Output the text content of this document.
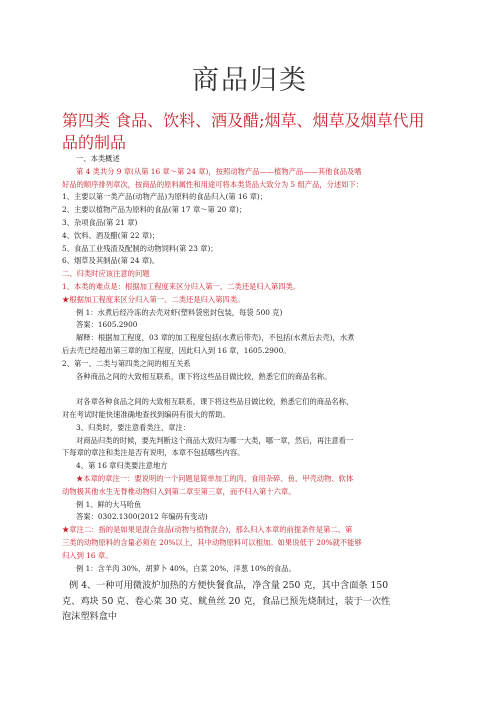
商品归类
第四类 食品、饮料、酒及醋;烟草、烟草及烟草代用品的制品
一、本类概述
第 4 类共分 9 章(从第 16 章～第 24 章)，按照动物产品——植物产品——其他食品及嗜
好品的顺序排列章次，按商品的原料属性和用途可将本类货品大致分为 5 组产品，分述如下：
1、主要以第一类产品(动物产品)为原料的食品归入(第 16 章)；
2、主要以植物产品为原料的食品(第 17 章～第 20 章)；
3、杂项食品(第 21 章)
4、饮料、酒及醋(第 22 章)；
5、食品工业残渣及配制的动物饲料(第 23 章)；
6、烟草及其制品(第 24 章)。
二、归类时应该注意的问题
1、本类的难点是：根据加工程度来区分归入第一、二类还是归入第四类。
★根据加工程度来区分归入第一、二类还是归入第四类。
例 1：水煮后经冷冻的去壳对虾(塑料袋密封包装，每袋 500 克)
答案：1605.2900
解释：根据加工程度，03 章的加工程度包括(水煮后带壳)，不包括(水煮后去壳)，水煮
后去壳已经超出第三章的加工程度，因此归入到 16 章，1605.2900。
2、第一、二类与第四类之间的相互关系
各种商品之间的大致相互联系，课下将这些品目做比较，熟悉它们的商品名称。

对各章各种食品之间的大致相互联系，课下将这些品目做比较，熟悉它们的商品名称，
对在考试时能快速准确地查找到编码有很大的帮助。
3、归类时，要注意看类注、章注：
对商品归类的时候，要先判断这个商品大致归为哪一大类，哪一章，然后，再注意看一
下每章的章注和类注是否有说明，本章不包括哪些内容。
4、第 16 章归类要注意地方
★本章的章注一：要说明的一个问题是简单加工的肉、食用杂碎、鱼、甲壳动物、软体
动物极其他水生无脊椎动物归入到第二章至第三章，而不归入第十六章。
例 1、鲜的大马哈鱼
答案：0302.1300(2012 年编码有变动)
★章注二：指的是如果是混合食品(动物与植物混合)，那么归入本章的前提条件是第二、第
三类的动物原料的含量必须在 20%以上，其中动物原料可以相加。如果说低于 20%就不能够
归入到 16 章。
例 1：含羊肉 30%，胡萝卜 40%，白菜 20%，洋葱 10%的食品。
例 4、一种可用微波炉加热的方便快餐食品，净含量 250 克，其中含面条 150
克、鸡块 50 克、卷心菜 30 克、鱿鱼丝 20 克，食品已预先烧制过，装于一次性
泡沫塑料盒中
